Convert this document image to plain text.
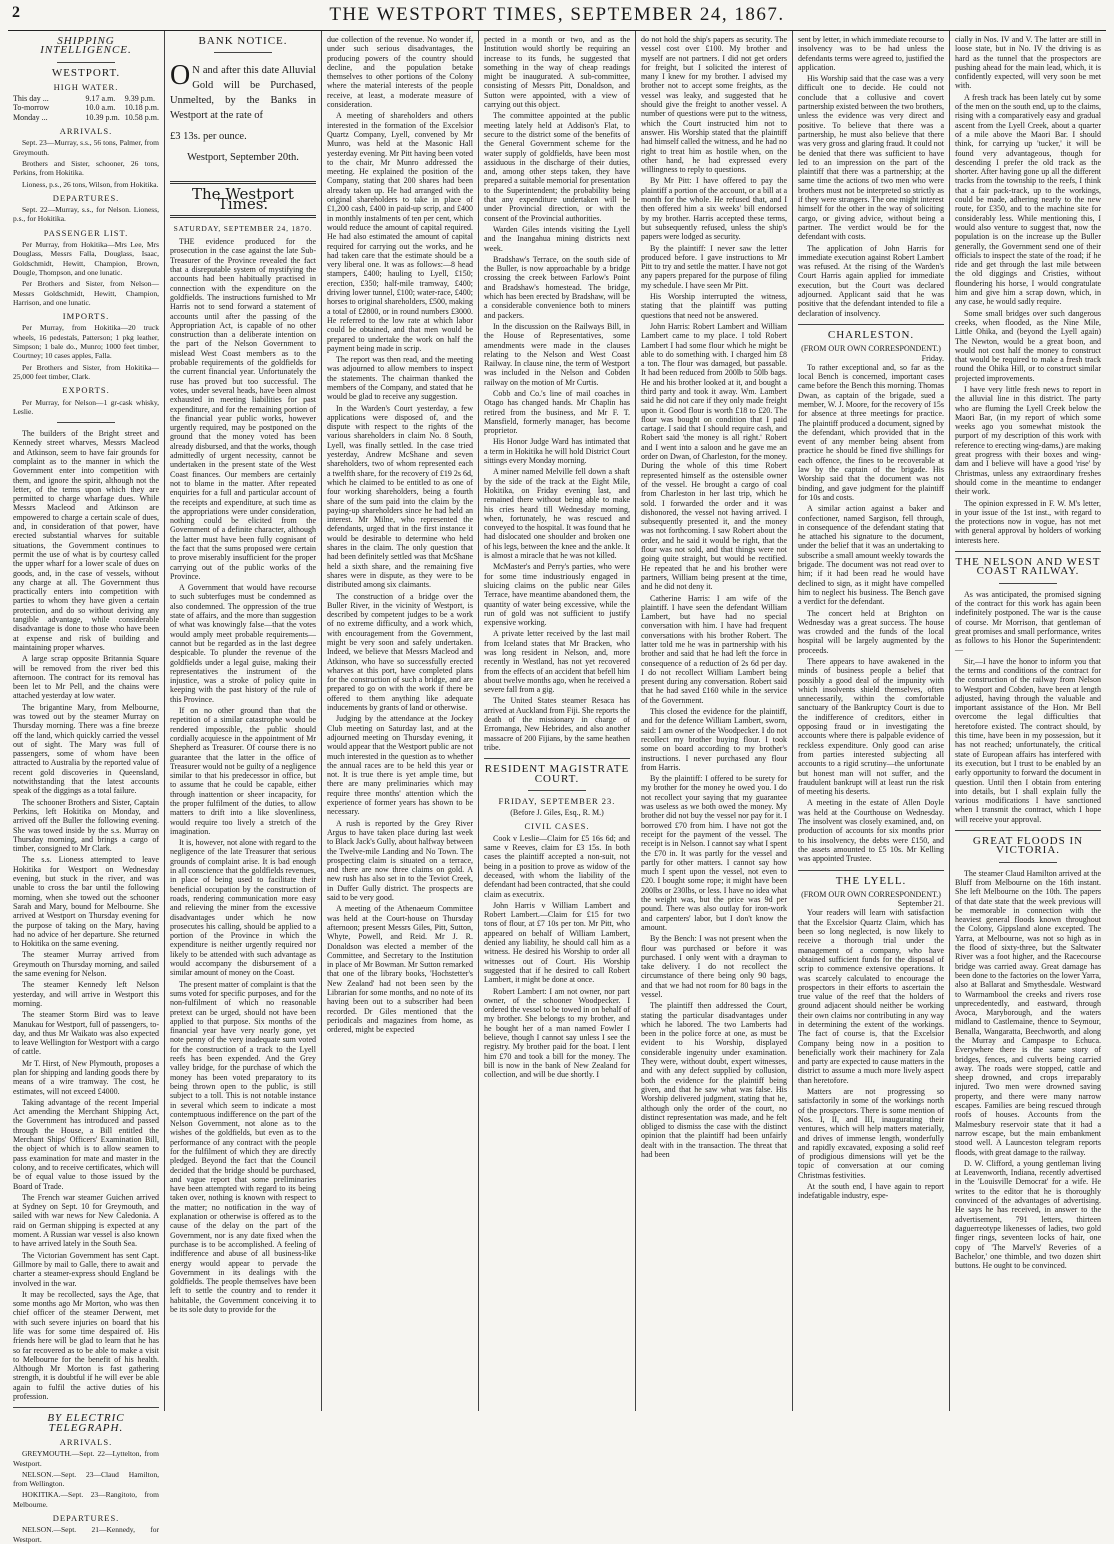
2	THE WESTPORT TIMES, SEPTEMBER 24, 1867.
SHIPPING INTELLIGENCE.
WESTPORT.
HIGH WATER.
This day ...	9.17 a.m.	9.39 p.m.
To-morrow	10.0 a.m.	10.18 p.m.
Monday ...	10.39 p.m. 10.58 p.m.
ARRIVALS.

Sept. 23—Murray, s.s., 56 tons, Palmer, from Greymouth.

Brothers and Sister, schooner, 26 tons, Perkins, from Hokitika.

Lioness, p.s., 26 tons, Wilson, from Hokitika.

DEPARTURES.

Sept. 22—Murray, s.s., for Nelson. Lioness, p.s., for Hokitika.

PASSENGER LIST.

Per Murray, from Hokitika—Mrs Lee, Mrs Douglass, Messrs Falla, Douglass, Isaac, Goldschmidt, Hewitt, Champion, Brown, Dougle, Thompson, and one lunatic.

Per Brothers and Sister, from Nelson—Messrs Goldschmidt, Hewitt, Champion, Harrison, and one lunatic.

IMPORTS.

Per Murray, from Hokitika—20 truck wheels, 16 pedestals, Patterson; 1 pkg leather, Simpson; 1 bale do., Munro; 1000 feet timber, Courtney; 10 cases apples, Falla.

Per Brothers and Sister, from Hokitika—25,000 feet timber, Clark.

EXPORTS.

Per Murray, for Nelson—1 gr-cask whisky, Leslie.

The builders of the Bright street and Kennedy street wharves, Messrs Macleod and Atkinson, seem to have fair grounds for complaint as to the manner in which the Government enter into competition with them, and ignore the spirit, although not the letter, of the terms upon which they are permitted to charge wharfage dues. While Messrs Macleod and Atkinson are empowered to charge a certain scale of dues, and, in consideration of that power, have erected substantial wharves for suitable situations, the Government continues to permit the use of what is by courtesy called the upper wharf for a lower scale of dues on goods, and, in the case of vessels, without any charge at all. The Government thus practically enters into competition with parties to whom they have given a certain protection, and do so without deriving any tangible advantage, while considerable disadvantage is done to those who have been at expense and risk of building and maintaining proper wharves.

A large scrap opposite Britannia Square will be removed from the river bed this afternoon. The contract for its removal has been let to Mr Pell, and the chains were attached yesterday at low water.

The brigantine Mary, from Melbourne, was towed out by the steamer Murray on Thursday morning. There was a fine breeze off the land, which quickly carried the vessel out of sight. The Mary was full of passengers, some of whom have been attracted to Australia by the reported value of recent gold discoveries in Queensland, notwithstanding that the latest accounts speak of the diggings as a total failure.

The schooner Brothers and Sister, Captain Perkins, left Hokitika on Monday, and arrived off the Buller the following evening. She was towed inside by the s.s. Murray on Thursday morning, and brings a cargo of timber, consigned to Mr Clark.

The s.s. Lioness attempted to leave Hokitika for Westport on Wednesday evening, but stuck in the river, and was unable to cross the bar until the following morning, when she towed out the schooner Sarah and Mary, bound for Melbourne. She arrived at Westport on Thursday evening for the purpose of taking on the Mary, having had no advice of her departure. She returned to Hokitika on the same evening.

The steamer Murray arrived from Greymouth on Thursday morning, and sailed the same evening for Nelson.

The steamer Kennedy left Nelson yesterday, and will arrive in Westport this morning.

The steamer Storm Bird was to leave Manukau for Westport, full of passengers, to-day, and thus Mr Waikato was also expected to leave Wellington for Westport with a cargo of cattle.

Mr T. Hirst, of New Plymouth, proposes a plan for shipping and landing goods there by means of a wire tramway. The cost, he estimates, will not exceed £4000.

Taking advantage of the recent Imperial Act amending the Merchant Shipping Act, the Government has introduced and passed through the House, a Bill entitled the Merchant Ships' Officers' Examination Bill, the object of which is to allow seamen to pass examination for mate and master in the colony, and to receive certificates, which will be of equal value to those issued by the Board of Trade.

The French war steamer Guichen arrived at Sydney on Sept. 10 for Greymouth, and sailed with war news for New Caledonia. A raid on German shipping is expected at any moment. A Russian war vessel is also known to have arrived lately in the South Sea.

The Victorian Government has sent Capt. Gillmore by mail to Galle, there to await and charter a steamer-express should England be involved in the war.

It may be recollected, says the Age, that some months ago Mr Morton, who was then chief officer of the steamer Derwent, met with such severe injuries on board that his life was for some time despaired of. His friends here will be glad to learn that he has so far recovered as to be able to make a visit to Melbourne for the benefit of his health. Although Mr Morton is fast gathering strength, it is doubtful if he will ever be able again to fulfil the active duties of his profession.

BY ELECTRIC TELEGRAPH.
ARRIVALS.

GREYMOUTH.—Sept. 22—Lyttelton, from Westport.

NELSON.—Sept. 23—Claud Hamilton, from Wellington.

HOKITIKA.—Sept. 23—Rangitoto, from Melbourne.

DEPARTURES.

NELSON.—Sept. 21—Kennedy, for Westport.

BANK NOTICE.

O N and after this date Alluvial Gold will be Purchased, Unmelted, by the Banks in Westport at the rate of

£3 13s. per ounce.

Westport, September 20th.

The Westport Times.
SATURDAY, SEPTEMBER 24, 1870.

THE evidence produced for the prosecution in the case against the late Sub-Treasurer of the Province revealed the fact that a disreputable system of mystifying the accounts had been habitually practised in connection with the expenditure on the goldfields. The instructions furnished to Mr Harris not to send forward a statement of accounts until after the passing of the Appropriation Act, is capable of no other construction than a deliberate intention on the part of the Nelson Government to mislead West Coast members as to the probable requirements of the goldfields for the current financial year. Unfortunately the ruse has proved but too successful. The votes, under several heads, have been almost exhausted in meeting liabilities for past expenditure, and for the remaining portion of the financial year public works, however urgently required, may be postponed on the ground that the money voted has been already disbursed, and that the works, though admittedly of urgent necessity, cannot be undertaken in the present state of the West Coast finances. Our members are certainly not to blame in the matter. After repeated enquiries for a full and particular account of the receipts and expenditure, at such time as the appropriations were under consideration, nothing could be elicited from the Government of a definite character, although the latter must have been fully cognisant of the fact that the sums proposed were certain to prove miserably insufficient for the proper carrying out of the public works of the Province.

A Government that would have recourse to such subterfuges must be condemned as also condemned. The oppression of the true state of affairs, and the more than suggestion of what was knowingly false—that the votes would amply meet probable requirements—cannot but be regarded as in the last degree despicable. To plunder the revenue of the goldfields under a legal guise, making their representatives the instrument of the injustice, was a stroke of policy quite in keeping with the past history of the rule of this Province.

If on no other ground than that the repetition of a similar catastrophe would be rendered impossible, the public should cordially acquiesce in the appointment of Mr Shepherd as Treasurer. Of course there is no guarantee that the latter in the office of Treasurer would not be guilty of a negligence similar to that his predecessor in office, but to assume that he could be capable, either through inattention or sheer incapacity, for the proper fulfilment of the duties, to allow matters to drift into a like slovenliness, would require too lively a stretch of the imagination.

It is, however, not alone with regard to the negligence of the late Treasurer that serious grounds of complaint arise. It is bad enough in all conscience that the goldfields revenues, in place of being used to facilitate their beneficial occupation by the construction of roads, rendering communication more easy and relieving the miner from the excessive disadvantages under which he now prosecutes his calling, should be applied to a portion of the Province in which the expenditure is neither urgently required nor likely to be attended with such advantage as would accompany the disbursement of a similar amount of money on the Coast.

The present matter of complaint is that the sums voted for specific purposes, and for the non-fulfilment of which no reasonable pretext can be urged, should not have been applied to that purpose. Six months of the financial year have very nearly gone, yet note penny of the very inadequate sum voted for the construction of a track to the Lyell reefs has been expended. And the Grey valley bridge, for the purchase of which the money has been voted preparatory to its being thrown open to the public, is still subject to a toll. This is not notable instance in several which seem to indicate a most contemptuous indifference on the part of the Nelson Government, not alone as to the wishes of the goldfields, but even as to the performance of any contract with the people for the fulfilment of which they are directly pledged. Beyond the fact that the Council decided that the bridge should be purchased, and vague report that some preliminaries have been attempted with regard to its being taken over, nothing is known with respect to the matter; no notification in the way of explanation or otherwise is offered as to the cause of the delay on the part of the Government, nor is any date fixed when the purchase is to be accomplished. A feeling of indifference and abuse of all business-like energy would appear to pervade the Government in its dealings with the goldfields. The people themselves have been left to settle the country and to render it habitable, the Government conceiving it to be its sole duty to provide for the

due collection of the revenue. No wonder if, under such serious disadvantages, the producing powers of the country should decline, and the population betake themselves to other portions of the Colony where the material interests of the people receive, at least, a moderate measure of consideration.

A meeting of shareholders and others interested in the formation of the Excelsior Quartz Company, Lyell, convened by Mr Munro, was held at the Masonic Hall yesterday evening. Mr Pitt having been voted to the chair, Mr Munro addressed the meeting. He explained the position of the Company, stating that 200 shares had been already taken up. He had arranged with the original shareholders to take in place of £1,200 cash, £400 in paid-up scrip, and £400 in monthly instalments of ten per cent, which would reduce the amount of capital required. He had also estimated the amount of capital required for carrying out the works, and he had taken care that the estimate should be a very liberal one. It was as follows:—8 head stampers, £400; hauling to Lyell, £150; erection, £350; half-mile tramway, £400; driving lower tunnel, £100; water-race, £400; horses to original shareholders, £500, making a total of £2800, or in round numbers £3000. He referred to the low rate at which labor could be obtained, and that men would be prepared to undertake the work on half the payment being made in scrip.

The report was then read, and the meeting was adjourned to allow members to inspect the statements. The chairman thanked the members of the Company, and stated that he would be glad to receive any suggestion.

In the Warden's Court yesterday, a few applications were disposed of, and the dispute with respect to the rights of the various shareholders in claim No. 8 South, Lyell, was finally settled. In the case tried yesterday, Andrew McShane and seven shareholders, two of whom represented each a twelfth share, for the recovery of £19 2s 6d, which he claimed to be entitled to as one of four working shareholders, being a fourth share of the sum paid into the claim by the paying-up shareholders since he had held an interest. Mr Milne, who represented the defendants, urged that in the first instance it would be desirable to determine who held shares in the claim. The only question that had been definitely settled was that McShane held a sixth share, and the remaining five shares were in dispute, as they were to be distributed among six claimants.

The construction of a bridge over the Buller River, in the vicinity of Westport, is described by competent judges to be a work of no extreme difficulty, and a work which, with encouragement from the Government, might be very soon and safely undertaken. Indeed, we believe that Messrs Macleod and Atkinson, who have so successfully erected wharves at this port, have completed plans for the construction of such a bridge, and are prepared to go on with the work if there be offered to them anything like adequate inducements by grants of land or otherwise.

Judging by the attendance at the Jockey Club meeting on Saturday last, and at the adjourned meeting on Thursday evening, it would appear that the Westport public are not much interested in the question as to whether the annual races are to be held this year or not. It is true there is yet ample time, but there are many preliminaries which may require three months' attention which the experience of former years has shown to be necessary.

A rush is reported by the Grey River Argus to have taken place during last week to Black Jack's Gully, about halfway between the Twelve-mile Landing and No Town. The prospecting claim is situated on a terrace, and there are now three claims on gold. A new rush has also set in to the Teviot Creek, in Duffer Gully district. The prospects are said to be very good.

A meeting of the Athenaeum Committee was held at the Court-house on Thursday afternoon; present Messrs Giles, Pitt, Sutton, Whyte, Powell, and Reid. Mr J. R. Donaldson was elected a member of the Committee, and Secretary to the Institution in place of Mr Bowman. Mr Sutton remarked that one of the library books, 'Hochstetter's New Zealand' had not been seen by the Librarian for some months, and no note of its having been out to a subscriber had been recorded. Dr Giles mentioned that the periodicals and magazines from home, as ordered, might be expected

pected in a month or two, and as the Institution would shortly be requiring an increase to its funds, he suggested that something in the way of cheap readings might be inaugurated. A sub-committee, consisting of Messrs Pitt, Donaldson, and Sutton were appointed, with a view of carrying out this object.

The committee appointed at the public meeting lately held at Addison's Flat, to secure to the district some of the benefits of the General Government scheme for the water supply of goldfields, have been most assiduous in the discharge of their duties, and, among other steps taken, they have prepared a suitable memorial for presentation to the Superintendent; the probability being that any expenditure undertaken will be under Provincial direction, or with the consent of the Provincial authorities.

Warden Giles intends visiting the Lyell and the Inangahua mining districts next week.

Bradshaw's Terrace, on the south side of the Buller, is now approachable by a bridge crossing the creek between Farlow's Point and Bradshaw's homestead. The bridge, which has been erected by Bradshaw, will be a considerable convenience both to miners and packers.

In the discussion on the Railways Bill, in the House of Representatives, some amendments were made in the clauses relating to the Nelson and West Coast Railway. In clause nine, the term of Westport was included in the Nelson and Cobden railway on the motion of Mr Curtis.

Cobb and Co.'s line of mail coaches in Otago has changed hands. Mr Chaplin has retired from the business, and Mr F. T. Mansfield, formerly manager, has become proprietor.

His Honor Judge Ward has intimated that a term in Hokitika he will hold District Court sittings every Monday morning.

A miner named Melville fell down a shaft by the side of the track at the Eight Mile, Hokitika, on Friday evening last, and remained there without being able to make his cries heard till Wednesday morning, when, fortunately, he was rescued and conveyed to the hospital. It was found that he had dislocated one shoulder and broken one of his legs, between the knee and the ankle. It is almost a miracle that he was not killed.

McMaster's and Perry's parties, who were for some time industriously engaged in sluicing claims on the public near Giles Terrace, have meantime abandoned them, the quantity of water being excessive, while the run of gold was not sufficient to justify expensive working.

A private letter received by the last mail from Iceland states that Mr Bracken, who was long resident in Nelson, and, more recently in Westland, has not yet recovered from the effects of an accident that befell him about twelve months ago, when he received a severe fall from a gig.

The United States steamer Resaca has arrived at Auckland from Fiji. She reports the death of the missionary in charge of Erromanga, New Hebrides, and also another massacre of 200 Fijians, by the same heathen tribe.

RESIDENT MAGISTRATE COURT.
FRIDAY, SEPTEMBER 23.
(Before J. Giles, Esq., R. M.)
CIVIL CASES.

Cook v Leslie—Claim for £5 16s 6d; and same v Reeves, claim for £3 15s. In both cases the plaintiff accepted a non-suit, not being in a position to prove as widow of the deceased, with whom the liability of the defendant had been contracted, that she could claim as executrix.

John Harris v William Lambert and Robert Lambert.—Claim for £15 for two tons of flour, at £7 10s per ton. Mr Pitt, who appeared on behalf of William Lambert, denied any liability, he should call him as a witness. He desired his Worship to order all witnesses out of Court. His Worship suggested that if he desired to call Robert Lambert, it might be done at once.

Robert Lambert: I am not owner, nor part owner, of the schooner Woodpecker. I ordered the vessel to be towed in on behalf of my brother. She belongs to my brother, and he bought her of a man named Fowler I believe, though I cannot say unless I see the registry. My brother paid for the boat. I lent him £70 and took a bill for the money. The bill is now in the bank of New Zealand for collection, and will be due shortly. I

do not hold the ship's papers as security. The vessel cost over £100. My brother and myself are not partners. I did not get orders for freight, but I solicited the interest of many I knew for my brother. I advised my brother not to accept some freights, as the vessel was leaky, and suggested that he should give the freight to another vessel. A number of questions were put to the witness, which the Court instructed him not to answer. His Worship stated that the plaintiff had himself called the witness, and he had no right to treat him as hostile when, on the other hand, he had expressed every willingness to reply to questions.

By Mr Pitt: I have offered to pay the plaintiff a portion of the account, or a bill at a month for the whole. He refused that, and I then offered him a six weeks' bill endorsed by my brother. Harris accepted these terms, but subsequently refused, unless the ship's papers were lodged as security.

By the plaintiff: I never saw the letter produced before. I gave instructions to Mr Pitt to try and settle the matter. I have not got any papers prepared for the purpose of filing my schedule. I have seen Mr Pitt.

His Worship interrupted the witness, stating that the plaintiff was putting questions that need not be answered.

John Harris: Robert Lambert and William Lambert came to my place. I told Robert Lambert I had some flour which he might be able to do something with. I charged him £8 a ton. The flour was damaged, but passable. It had been reduced from 200lb to 50lb bags. He and his brother looked at it, and bought a third party and took it away. Wm. Lambert said he did not care if they only made freight upon it. Good flour is worth £18 to £20. The flour was bought on condition that I paid cartage. I said that I should require cash, and Robert said 'the money is all right.' Robert and I went into a saloon and he gave me an order on Dwan, of Charleston, for the money. During the whole of this time Robert represented himself as the ostensible owner of the vessel. He brought a cargo of coal from Charleston in her last trip, which he sold. I forwarded the order and it was dishonored, the vessel not having arrived. I subsequently presented it, and the money was not forthcoming. I saw Robert about the order, and he said it would be right, that the flour was not sold, and that things were not going quite straight, but would be rectified. He repeated that he and his brother were partners, William being present at the time, and he did not deny it.

Catherine Harris: I am wife of the plaintiff. I have seen the defendant William Lambert, but have had no special conversation with him. I have had frequent conversations with his brother Robert. The latter told me he was in partnership with his brother and said that he had left the force in consequence of a reduction of 2s 6d per day. I do not recollect William Lambert being present during any conversation. Robert said that he had saved £160 while in the service of the Government.

This closed the evidence for the plaintiff, and for the defence William Lambert, sworn, said: I am owner of the Woodpecker. I do not recollect my brother buying flour. I took some on board according to my brother's instructions. I never purchased any flour from Harris.

By the plaintiff: I offered to be surety for my brother for the money he owed you. I do not recollect your saying that my guarantee was useless as we both owed the money. My brother did not buy the vessel nor pay for it. I borrowed £70 from him. I have not got the receipt for the payment of the vessel. The receipt is in Nelson. I cannot say what I spent the £70 in. It was partly for the vessel and partly for other matters. I cannot say how much I spent upon the vessel, not even to £20. I bought some rope; it might have been 200lbs or 230lbs, or less. I have no idea what the weight was, but the price was 9d per pound. There was also outlay for iron-work and carpenters' labor, but I don't know the amount.

By the Bench: I was not present when the flour was purchased or before it was purchased. I only went with a drayman to take delivery. I do not recollect the circumstance of there being only 90 bags, and that we had not room for 80 bags in the vessel.

The plaintiff then addressed the Court, stating the particular disadvantages under which he labored. The two Lamberts had been in the police force at one, as must be evident to his Worship, displayed considerable ingenuity under examination. They were, without doubt, expert witnesses, and with any defect supplied by collusion, both the evidence for the plaintiff being given, and that he saw what was false. His Worship delivered judgment, stating that he, although only the order of the court, no distinct representation was made, and he felt obliged to dismiss the case with the distinct opinion that the plaintiff had been unfairly dealt with in the transaction. The threat that had been

sent by letter, in which immediate recourse to insolvency was to be had unless the defendants terms were agreed to, justified the application.

His Worship said that the case was a very difficult one to decide. He could not conclude that a collusive and covert partnership existed between the two brothers, unless the evidence was very direct and positive. To believe that there was a partnership, he must also believe that there was very gross and glaring fraud. It could not be denied that there was sufficient to have led to an impression on the part of the plaintiff that there was a partnership; at the same time the actions of two men who were brothers must not be interpreted so strictly as if they were strangers. The one might interest himself for the other in the way of soliciting cargo, or giving advice, without being a partner. The verdict would be for the defendant with costs.

The application of John Harris for immediate execution against Robert Lambert was refused. At the rising of the Warden's Court Harris again applied for immediate execution, but the Court was declared adjourned. Applicant said that he was positive that the defendant intended to file a declaration of insolvency.

CHARLESTON.
(FROM OUR OWN CORRESPONDENT.)
Friday.

To rather exceptional and, so far as the local Bench is concerned, important cases came before the Bench this morning. Thomas Dwan, as captain of the brigade, sued a member, W. J. Moore, for the recovery of 15s for absence at three meetings for practice. The plaintiff produced a document, signed by the defendant, which provided that in the event of any member being absent from practice he should be fined five shillings for each offence, the fines to be recoverable at law by the captain of the brigade. His Worship said that the document was not binding, and gave judgment for the plaintiff for 10s and costs.

A similar action against a baker and confectioner, named Sargison, fell through, in consequence of the defendant stating that he attached his signature to the document, under the belief that it was an undertaking to subscribe a small amount weekly towards the brigade. The document was not read over to him; if it had been read he would have declined to sign, as it might have compelled him to neglect his business. The Bench gave a verdict for the defendant.

The concert held at Brighton on Wednesday was a great success. The house was crowded and the funds of the local hospital will be largely augmented by the proceeds.

There appears to have awakened in the minds of business people a belief that possibly a good deal of the impunity with which insolvents shield themselves, often unnecessarily, within the comfortable sanctuary of the Bankruptcy Court is due to the indifference of creditors, either in opposing fraud or in investigating the accounts where there is palpable evidence of reckless expenditure. Only good can arise from parties interested subjecting all accounts to a rigid scrutiny—the unfortunate but honest man will not suffer, and the fraudulent bankrupt will at least run the risk of meeting his deserts.

A meeting in the estate of Allen Doyle was held at the Courthouse on Wednesday. The insolvent was closely examined, and, on production of accounts for six months prior to his insolvency, the debts were £150, and the assets amounted to £5 10s. Mr Kelling was appointed Trustee.

THE LYELL.
(FROM OUR OWN CORRESPONDENT.)
September 21.

Your readers will learn with satisfaction that the Excelsior Quartz Claim, which has been so long neglected, is now likely to receive a thorough trial under the management of a company, who have obtained sufficient funds for the disposal of scrip to commence extensive operations. It was scarcely calculated to encourage the prospectors in their efforts to ascertain the true value of the reef that the holders of ground adjacent should neither be working their own claims nor contributing in any way in determining the extent of the workings. The fact of course is, that the Excelsior Company being now in a position to beneficially work their machinery for Zala and party are expected to cause matters in the district to assume a much more lively aspect than heretofore.

Matters are not progressing so satisfactorily in some of the workings north of the prospectors. There is some mention of Nos. I, II, and III, inaugurating their ventures, which will help matters materially, and drives of immense length, wonderfully and rapidly excavated, exposing a solid reef of prodigious dimensions will yet be the topic of conversation at our coming Christmas festivities.

At the south end, I have again to report indefatigable industry, espe-

cially in Nos. IV and V. The latter are still in loose state, but in No. IV the driving is as hard as the tunnel that the prospectors are pushing ahead for the main lead, which, it is confidently expected, will very soon be met with.

A fresh track has been lately cut by some of the men on the south end, up to the claims, rising with a comparatively easy and gradual ascent from the Lyell Creek, about a quarter of a mile above the Maori Bar. I should think, for carrying up 'tucker,' it will be found very advantageous, though for descending I prefer the old track as the shorter. After having gone up all the different tracks from the township to the reefs, I think that a fair pack-track, up to the workings, could be made, adhering nearly to the new route, for £350, and to the machine site for considerably less. While mentioning this, I would also venture to suggest that, now the population is on the increase up the Buller generally, the Government send one of their officials to inspect the state of the road; if he ride and get through the last mile between the old diggings and Cristies, without floundering his horse, I would congratulate him and give him a scrap down, which, in any case, he would sadly require.

Some small bridges over such dangerous creeks, when flooded, as the Nine Mile, Little Ohika, and (beyond the Lyell again) The Newton, would be a great boon, and would not cost half the money to construct that would be required to make a fresh track round the Ohika Hill, or to construct similar projected improvements.

I have very little fresh news to report in the alluvial line in this district. The party who are fluming the Lyell Creek below the Maori Bar, (in my report of which some weeks ago you somewhat mistook the purport of my description of this work with reference to erecting wing-dams,) are making great progress with their boxes and wing-dam and I believe will have a good 'rise' by Christmas, unless any extraordinary freshes should come in the meantime to endanger their work.

The opinion expressed in F. W. M's letter, in your issue of the 1st inst., with regard to the protections now in vogue, has not met with general approval by holders of working interests here.

THE NELSON AND WEST COAST RAILWAY.

As was anticipated, the promised signing of the contract for this work has again been indefinitely postponed. The war is the cause of course. Mr Morrison, that gentleman of great promises and small performance, writes as follows to his Honor the Superintendent:—

Sir,—I have the honor to inform you that the terms and conditions of the contract for the construction of the railway from Nelson to Westport and Cobden, have been at length adjusted, having through the valuable and important assistance of the Hon. Mr Bell overcome the legal difficulties that heretofore existed. The contract should, by this time, have been in my possession, but it has not reached; unfortunately, the critical state of European affairs has interfered with its execution, but I trust to be enabled by an early opportunity to forward the document in question. Until then I obtain from entering into details, but I shall explain fully the various modifications I have sanctioned when I transmit the contract, which I hope will receive your approval.

GREAT FLOODS IN VICTORIA.

The steamer Claud Hamilton arrived at the Bluff from Melbourne on the 16th instant. She left Melbourne on the 10th. The papers of that date state that the week previous will be memorable in connection with the heaviest general floods known throughout the Colony, Gippsland alone excepted. The Yarra, at Melbourne, was not so high as in the flood of sixty-three, but the Saltwater River was a foot higher, and the Racecourse bridge was carried away. Great damage has been done to the factories on the lower Yarra, also at Ballarat and Smythesdale. Westward to Warrnambool the creeks and rivers rose unprecedentedly, and eastward, through Avoca, Maryborough, and the waters midland to Castlemaine, thence to Seymour, Benalla, Wangaratta, Beechworth, and along the Murray and Campaspe to Echuca. Everywhere there is the same story of bridges, fences, and culverts being carried away. The roads were stopped, cattle and sheep drowned, and crops irreparably injured. Two men were drowned saving property, and there were many narrow escapes. Families are being rescued through roofs of houses. Accounts from the Malmesbury reservoir state that it had a narrow escape, but the main embankment stood well. A Launceston telegram reports floods, with great damage to the railway.

D. W. Clifford, a young gentleman living at Leavenworth, Indiana, recently advertised in the 'Louisville Democrat' for a wife. He writes to the editor that he is thoroughly convinced of the advantages of advertising. He says he has received, in answer to the advertisement, 791 letters, thirteen daguerreotype likenesses of ladies, two gold finger rings, seventeen locks of hair, one copy of 'The Marvel's' Reveries of a Bachelor,' one thimble, and two dozen shirt buttons. He ought to be convinced.
